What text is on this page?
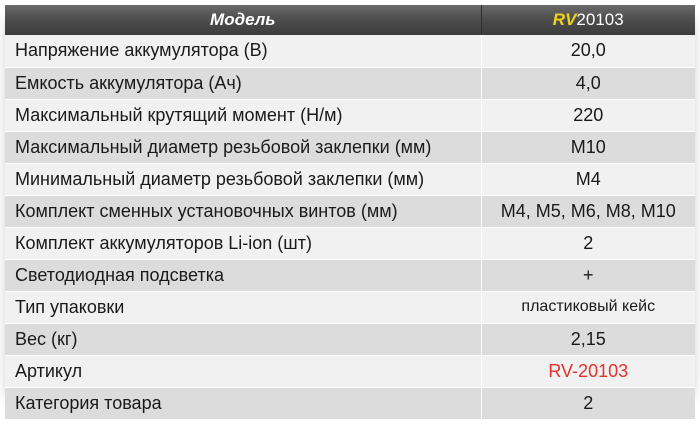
Модель	RV20103
Напряжение аккумулятора (В)	20,0
Емкость аккумулятора (Ач)	4,0
Максимальный крутящий момент (Н/м)	220
Максимальный диаметр резьбовой заклепки (мм)	М10
Минимальный диаметр резьбовой заклепки (мм)	М4
Комплект сменных установочных винтов (мм)	М4, М5, М6, М8, М10
Комплект аккумуляторов Li-ion (шт)	2
Светодиодная подсветка	+
Тип упаковки	пластиковый кейс
Вес (кг)	2,15
Артикул	RV-20103
Категория товара	2
